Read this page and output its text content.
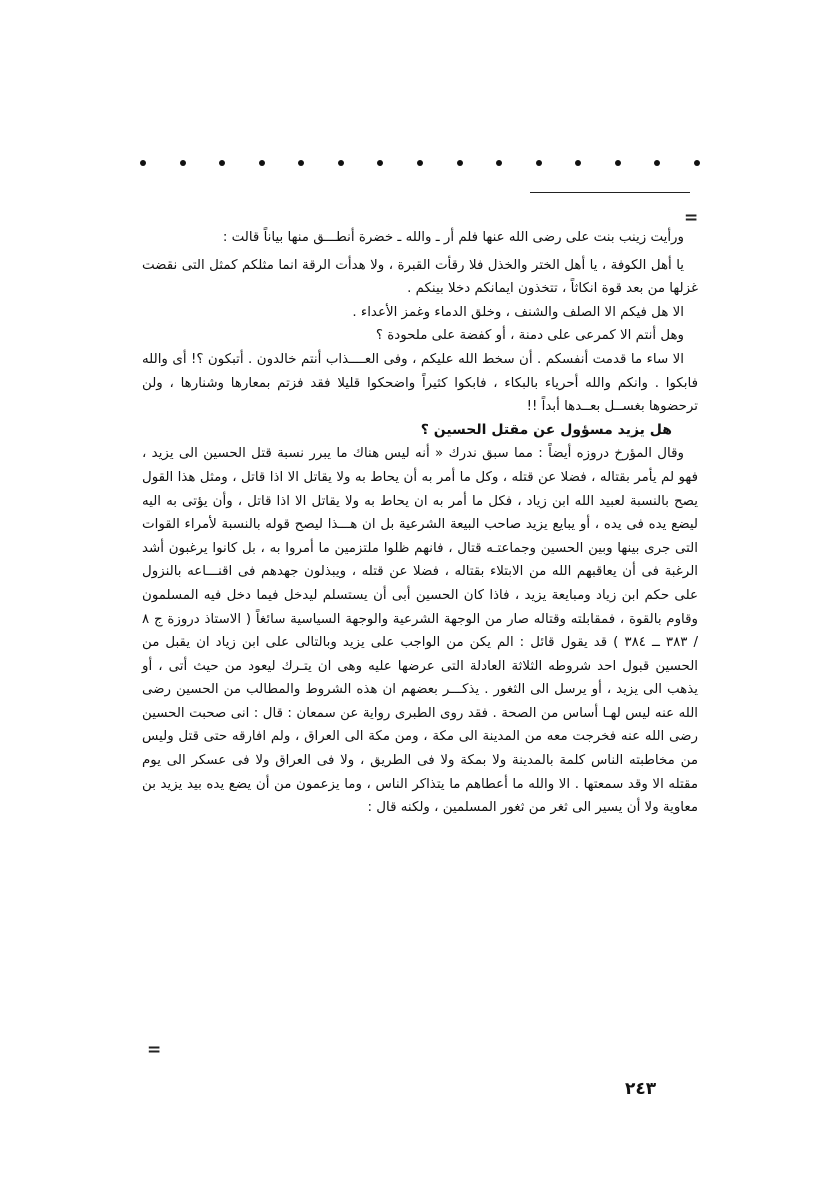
=

ورأيت زينب بنت على رضى الله عنها فلم أر ـ والله ـ خضرة أنطـــق منها بياناً قالت :

يا أهل الكوفة ، يا أهل الختر والخذل فلا رقأت القبرة ، ولا هدأت الرقة انما مثلكم كمثل التى نقضت غزلها من بعد قوة انكاثاً ، تتخذون ايمانكم دخلا بينكم .

الا هل فيكم الا الصلف والشنف ، وخلق الدماء وغمز الأعداء .

وهل أنتم الا كمرعى على دمنة ، أو كفضة على ملحودة ؟

الا ساء ما قدمت أنفسكم . أن سخط الله عليكم ، وفى العــــذاب أنتم خالدون . أتبكون ؟! أى والله فابكوا . وانكم والله أحرياء بالبكاء ، فابكوا كثيراً واضحكوا قليلا فقد فزتم بمعارها وشنارها ، ولن ترحضوها بغســل بعــدها أبداً !!

هل يزيد مسؤول عن مقتل الحسين ؟

وقال المؤرخ دروزه أيضاً : مما سبق ندرك « أنه ليس هناك ما يبرر نسبة قتل الحسين الى يزيد ، فهو لم يأمر بقتاله ، فضلا عن قتله ، وكل ما أمر به أن يحاط به ولا يقاتل الا اذا قاتل ، ومثل هذا القول يصح بالنسبة لعبيد الله ابن زياد ، فكل ما أمر به ان يحاط به ولا يقاتل الا اذا قاتل ، وأن يؤتى به اليه ليضع يده فى يده ، أو يبايع يزيد صاحب البيعة الشرعية بل ان هـــذا ليصح قوله بالنسبة لأمراء القوات التى جرى بينها وبين الحسين وجماعتـه قتال ، فانهم ظلوا ملتزمين ما أمروا به ، بل كانوا يرغبون أشد الرغبة فى أن يعاقبهم الله من الابتلاء بقتاله ، فضلا عن قتله ، ويبذلون جهدهم فى اقنـــاعه بالنزول على حكم ابن زياد ومبايعة يزيد ، فاذا كان الحسين أبى أن يستسلم ليدخل فيما دخل فيه المسلمون وقاوم بالقوة ، فمقابلته وقتاله صار من الوجهة الشرعية والوجهة السياسية سائغاً ( الاستاذ دروزة ج ٨ / ٣٨٣ ــ ٣٨٤ ) قد يقول قائل : الم يكن من الواجب على يزيد وبالتالى على ابن زياد ان يقبل من الحسين قبول احد شروطه الثلاثة العادلة التى عرضها عليه وهى ان يتـرك ليعود من حيث أتى ، أو يذهب الى يزيد ، أو يرسل الى الثغور . يذكـــر بعضهم ان هذه الشروط والمطالب من الحسين رضى الله عنه ليس لهـا أساس من الصحة . فقد روى الطبرى رواية عن سمعان : قال : انى صحبت الحسين رضى الله عنه فخرجت معه من المدينة الى مكة ، ومن مكة الى العراق ، ولم افارقه حتى قتل وليس من مخاطبته الناس كلمة بالمدينة ولا بمكة ولا فى الطريق ، ولا فى العراق ولا فى عسكر الى يوم مقتله الا وقد سمعتها . الا والله ما أعطاهم ما يتذاكر الناس ، وما يزعمون من أن يضع يده بيد يزيد بن معاوية ولا أن يسير الى ثغر من ثغور المسلمين ، ولكنه قال :

=
٢٤٣
